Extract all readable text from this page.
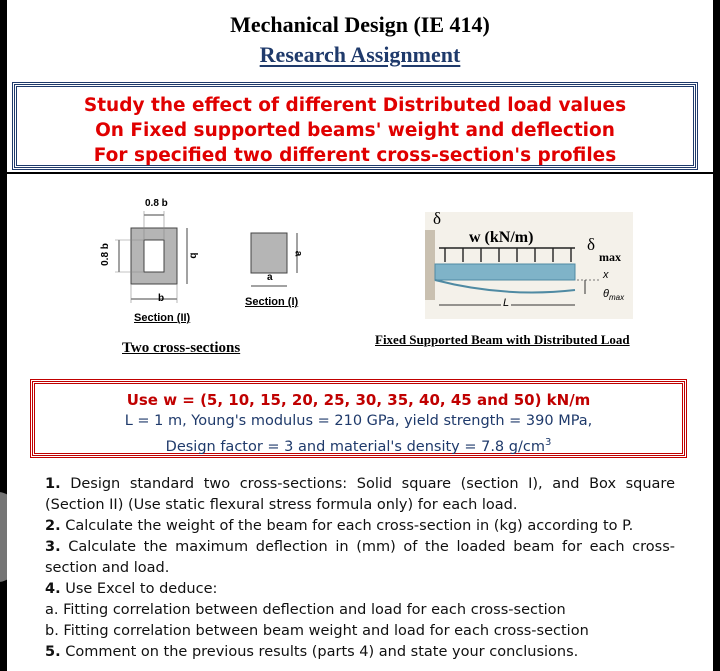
Mechanical Design (IE 414)
Research Assignment
Study the effect of different Distributed load values
On Fixed supported beams' weight and deflection
For specified two different cross-section's profiles
0.8 b
0.8 b	b
b
a
a
Section (II)
Section (I)
Two cross-sections
δ
w (kN/m)	δ
max
x
$\theta_{max}$
L
Fixed Supported Beam with Distributed Load
Use w = (5, 10, 15, 20, 25, 30, 35, 40, 45 and 50) kN/m
L = 1 m, Young's modulus = 210 GPa, yield strength = 390 MPa,
Design factor = 3 and material's density = 7.8 $g/cm^3$

1. Design standard two cross-sections: Solid square (section I), and Box square (Section II) (Use static flexural stress formula only) for each load.

2. Calculate the weight of the beam for each cross-section in (kg) according to P.

3. Calculate the maximum deflection in (mm) of the loaded beam for each cross-section and load.

4. Use Excel to deduce:

a. Fitting correlation between deflection and load for each cross-section

b. Fitting correlation between beam weight and load for each cross-section

5. Comment on the previous results (parts 4) and state your conclusions.
